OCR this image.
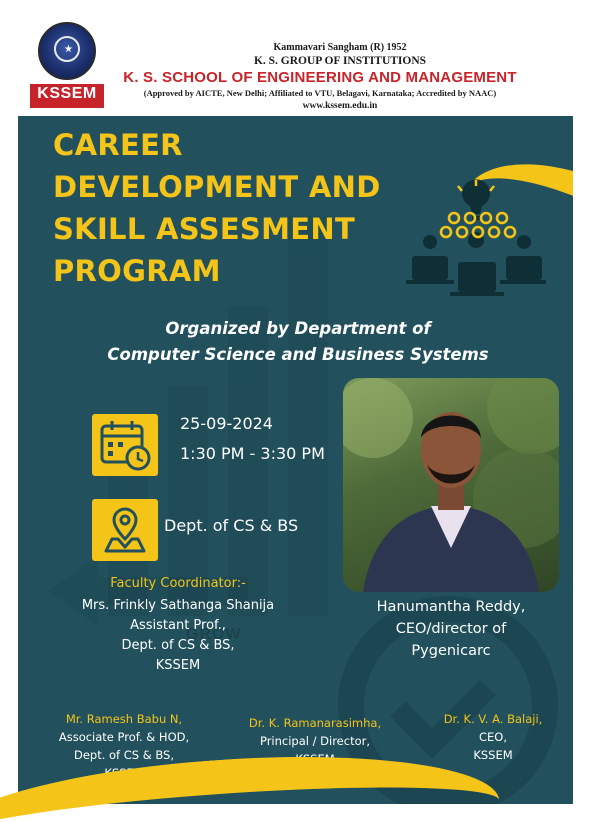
★
KSSEM
Kammavari Sangham (R) 1952
K. S. GROUP OF INSTITUTIONS
K. S. SCHOOL OF ENGINEERING AND MANAGEMENT
(Approved by AICTE, New Delhi; Affiliated to VTU, Belagavi, Karnataka; Accredited by NAAC)
www.kssem.edu.in
GROW
CAREER
DEVELOPMENT AND
SKILL ASSESMENT
PROGRAM
Organized by Department of
Computer Science and Business Systems
25-09-2024
1:30 PM - 3:30 PM
Dept. of CS & BS
Hanumantha Reddy,
CEO/director of
Pygenicarc
Faculty Coordinator:-
Mrs. Frinkly Sathanga Shanija
Assistant Prof.,
Dept. of CS & BS,
KSSEM
Mr. Ramesh Babu N,
Associate Prof. & HOD,
Dept. of CS & BS,
KSSEM
Dr. K. Ramanarasimha,
Principal / Director,
KSSEM
Dr. K. V. A. Balaji,
CEO,
KSSEM
